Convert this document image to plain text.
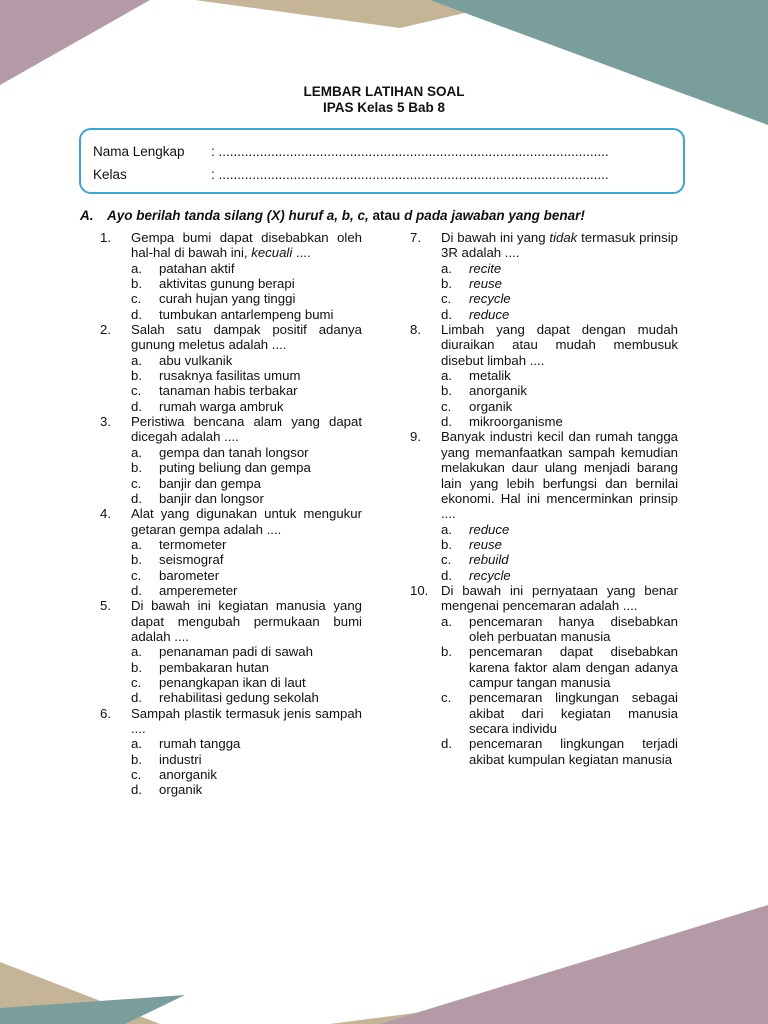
LEMBAR LATIHAN SOAL
IPAS Kelas 5 Bab 8
Nama Lengkap : ........................................................................................................
Kelas	: ........................................................................................................
A. Ayo berilah tanda silang (X) huruf a, b, c, atau d pada jawaban yang benar!
1.	Gempa bumi dapat disebabkan oleh hal-hal di bawah ini, kecuali ....
a.	patahan aktif
b.	aktivitas gunung berapi
c.	curah hujan yang tinggi
d.	tumbukan antarlempeng bumi
2.	Salah satu dampak positif adanya gunung meletus adalah ....
a.	abu vulkanik
b.	rusaknya fasilitas umum
c.	tanaman habis terbakar
d.	rumah warga ambruk
3.	Peristiwa bencana alam yang dapat dicegah adalah ....
a.	gempa dan tanah longsor
b.	puting beliung dan gempa
c.	banjir dan gempa
d.	banjir dan longsor
4.	Alat yang digunakan untuk mengukur getaran gempa adalah ....
a.	termometer
b.	seismograf
c.	barometer
d.	amperemeter
5.	Di bawah ini kegiatan manusia yang dapat mengubah permukaan bumi adalah ....
a.	penanaman padi di sawah
b.	pembakaran hutan
c.	penangkapan ikan di laut
d.	rehabilitasi gedung sekolah
6.	Sampah plastik termasuk jenis sampah ....
a.	rumah tangga
b.	industri
c.	anorganik
d.	organik
7.	Di bawah ini yang tidak termasuk prinsip 3R adalah ....
a.	recite
b.	reuse
c.	recycle
d.	reduce
8.	Limbah yang dapat dengan mudah diuraikan atau mudah membusuk disebut limbah ....
a.	metalik
b.	anorganik
c.	organik
d.	mikroorganisme
9.	Banyak industri kecil dan rumah tangga yang memanfaatkan sampah kemudian melakukan daur ulang menjadi barang lain yang lebih berfungsi dan bernilai ekonomi. Hal ini mencerminkan prinsip ....
a.	reduce
b.	reuse
c.	rebuild
d.	recycle
10. Di bawah ini pernyataan yang benar mengenai pencemaran adalah ....
a.	pencemaran hanya disebabkan oleh perbuatan manusia
b.	pencemaran dapat disebabkan karena faktor alam dengan adanya campur tangan manusia
c.	pencemaran lingkungan sebagai akibat dari kegiatan manusia secara individu
d.	pencemaran lingkungan terjadi akibat kumpulan kegiatan manusia
